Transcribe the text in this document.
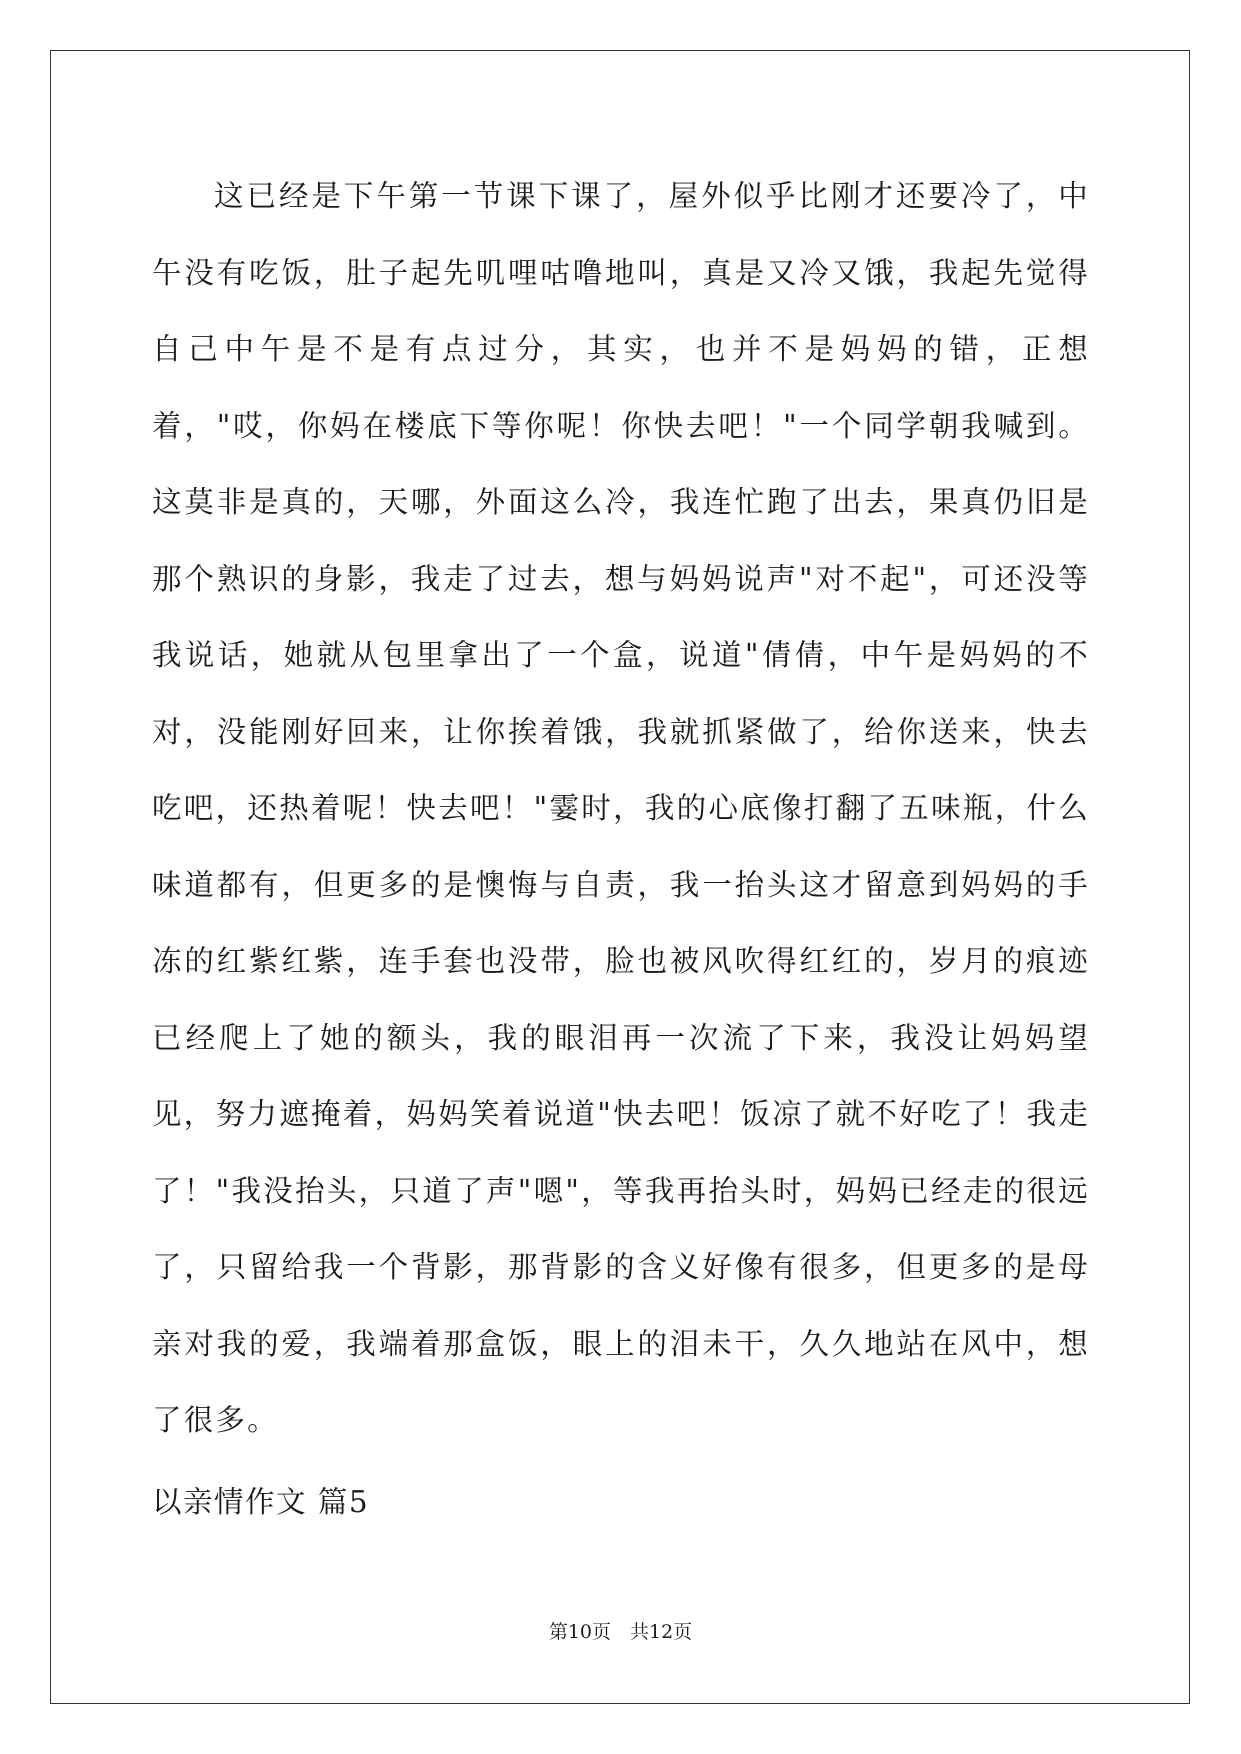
这已经是下午第一节课下课了，屋外似乎比刚才还要冷了，中午没有吃饭，肚子起先叽哩咕噜地叫，真是又冷又饿，我起先觉得自己中午是不是有点过分，其实，也并不是妈妈的错，正想着，"哎，你妈在楼底下等你呢！你快去吧！"一个同学朝我喊到。这莫非是真的，天哪，外面这么冷，我连忙跑了出去，果真仍旧是那个熟识的身影，我走了过去，想与妈妈说声"对不起"，可还没等我说话，她就从包里拿出了一个盒，说道"倩倩，中午是妈妈的不对，没能刚好回来，让你挨着饿，我就抓紧做了，给你送来，快去吃吧，还热着呢！快去吧！"霎时，我的心底像打翻了五味瓶，什么味道都有，但更多的是懊悔与自责，我一抬头这才留意到妈妈的手冻的红紫红紫，连手套也没带，脸也被风吹得红红的，岁月的痕迹已经爬上了她的额头，我的眼泪再一次流了下来，我没让妈妈望见，努力遮掩着，妈妈笑着说道"快去吧！饭凉了就不好吃了！我走了！"我没抬头，只道了声"嗯"，等我再抬头时，妈妈已经走的很远了，只留给我一个背影，那背影的含义好像有很多，但更多的是母亲对我的爱，我端着那盒饭，眼上的泪未干，久久地站在风中，想了很多。

以亲情作文 篇5
第10页　共12页
